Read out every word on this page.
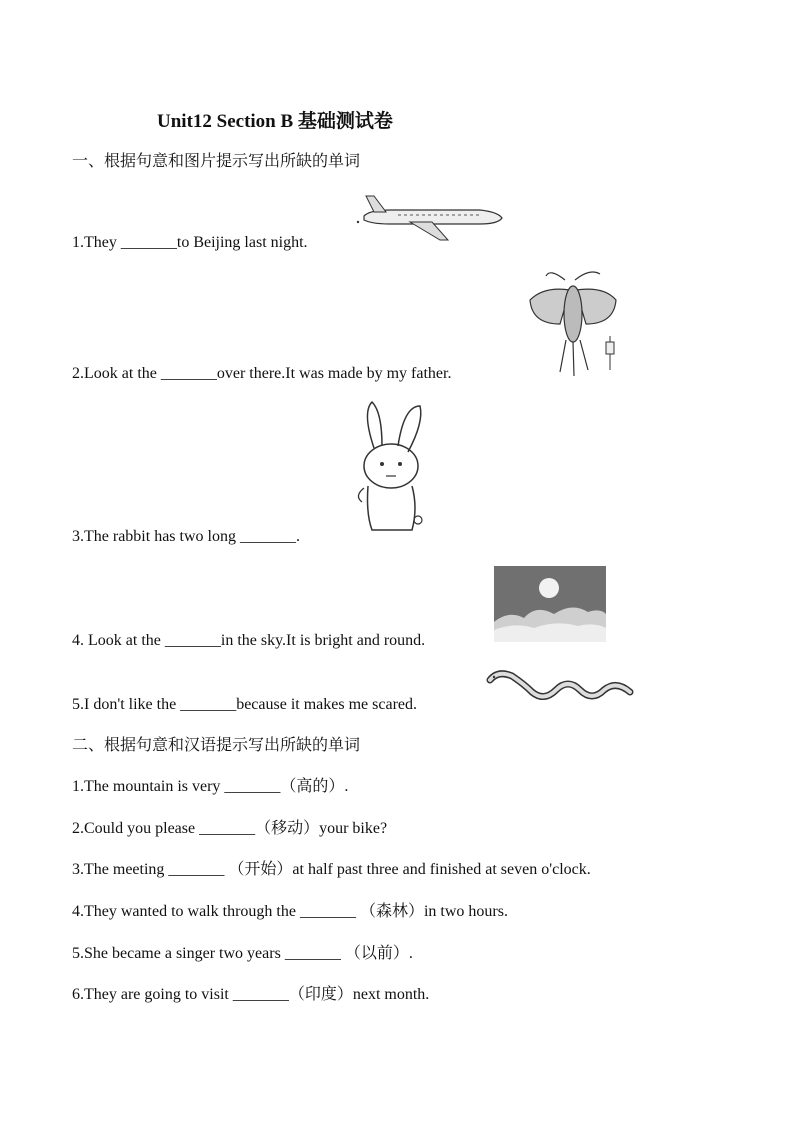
Unit12 Section B 基础测试卷
一、根据句意和图片提示写出所缺的单词
1.They _______to Beijing last night.
2.Look at the _______over there.It was made by my father.
3.The rabbit has two long _______.
4. Look at the _______in the sky.It is bright and round.
5.I don't like the _______because it makes me scared.
二、根据句意和汉语提示写出所缺的单词
1.The mountain is very _______（高的）.
2.Could you please _______（移动）your bike?
3.The meeting _______ （开始）at half past three and finished at seven o'clock.
4.They wanted to walk through the _______ （森林）in two hours.
5.She became a singer two years _______ （以前）.
6.They are going to visit _______（印度）next month.
